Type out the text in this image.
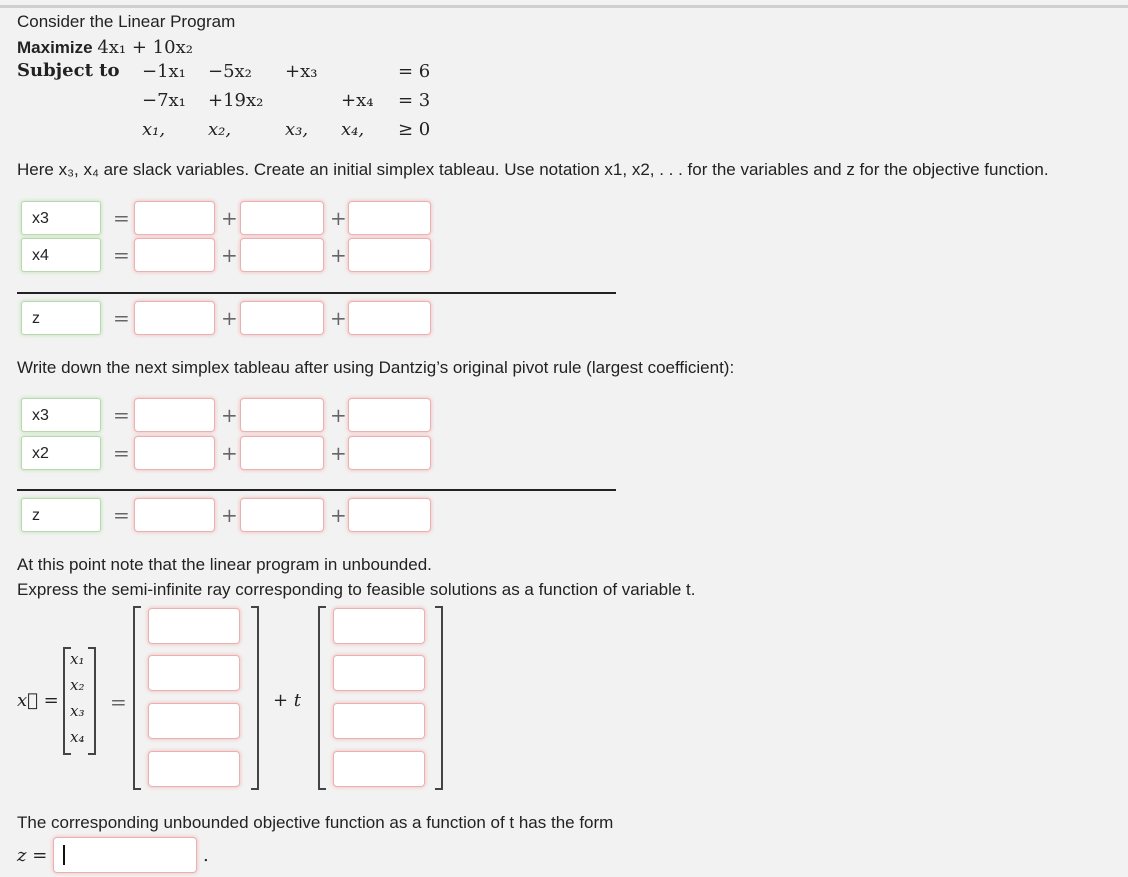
Consider the Linear Program
Maximize 4x₁ + 10x₂
Subject to −1x₁ −5x₂ +x₃	= 6
−7x₁ +19x₂	+x₄ = 3
x₁, x₂,	x₃, x₄, ≥ 0
Here x₃, x₄ are slack variables. Create an initial simplex tableau. Use notation x1, x2, . . . for the variables and z for the objective function.
x3	=	+	+
x4	=	+	+
z	=	+	+
Write down the next simplex tableau after using Dantzig’s original pivot rule (largest coefficient):
x3	=	+	+
x2	=	+	+
z	=	+	+
At this point note that the linear program in unbounded.
Express the semi-infinite ray corresponding to feasible solutions as a function of variable t.
x⃗ =
x₁
x₂
x₃
x₄
=	+ t
The corresponding unbounded objective function as a function of t has the form
z =	.
